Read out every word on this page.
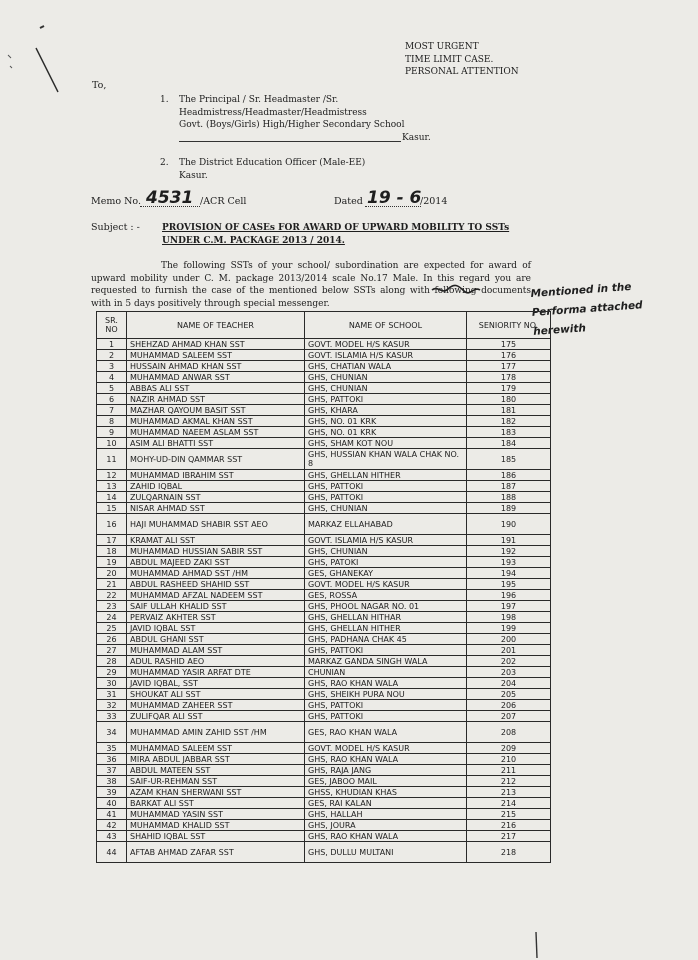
MOST URGENT
TIME LIMIT CASE.
PERSONAL ATTENTION
To,
1. The Principal / Sr. Headmaster /Sr.
Headmistress/Headmaster/Headmistress
Govt. (Boys/Girls) High/Higher Secondary School
Kasur.
2. The District Education Officer (Male-EE)
Kasur.
Memo No. 4531 /ACR Cell	Dated 19 - 6
/2014
Subject : - PROVISION OF CASEs FOR AWARD OF UPWARD MOBILITY TO SSTs
UNDER C.M. PACKAGE 2013 / 2014.

The following SSTs of your school/ subordination are expected for award of upward mobility under C. M. package 2013/2014 scale No.17 Male. In this regard you are requested to furnish the case of the mentioned below SSTs along with following documents with in 5 days positively through special messenger.

Mentioned in the
Performa attached
herewith
SR. NO	NAME OF TEACHER	NAME OF SCHOOL	SENIORITY NO.
1	SHEHZAD AHMAD KHAN SST	GOVT. MODEL H/S KASUR	175
2	MUHAMMAD SALEEM SST	GOVT. ISLAMIA H/S KASUR	176
3	HUSSAIN AHMAD KHAN SST	GHS, CHATIAN WALA	177
4	MUHAMMAD ANWAR SST	GHS, CHUNIAN	178
5	ABBAS ALI SST	GHS, CHUNIAN	179
6	NAZIR AHMAD SST	GHS, PATTOKI	180
7	MAZHAR QAYOUM BASIT SST	GHS, KHARA	181
8	MUHAMMAD AKMAL KHAN SST	GHS, NO. 01 KRK	182
9	MUHAMMAD NAEEM ASLAM SST	GHS, NO. 01 KRK	183
10	ASIM ALI BHATTI SST	GHS, SHAM KOT NOU	184
11	MOHY-UD-DIN QAMMAR SST	GHS, HUSSIAN KHAN WALA CHAK NO. 8	185
12	MUHAMMAD IBRAHIM SST	GHS, GHELLAN HITHER	186
13	ZAHID IQBAL	GHS, PATTOKI	187
14	ZULQARNAIN SST	GHS, PATTOKI	188
15	NISAR AHMAD SST	GHS, CHUNIAN	189
16	HAJI MUHAMMAD SHABIR SST AEO	MARKAZ ELLAHABAD	190
17	KRAMAT ALI SST	GOVT. ISLAMIA H/S KASUR	191
18	MUHAMMAD HUSSIAN SABIR SST	GHS, CHUNIAN	192
19	ABDUL MAJEED ZAKI SST	GHS, PATOKI	193
20	MUHAMMAD AHMAD SST /HM	GES, GHANEKAY	194
21	ABDUL RASHEED SHAHID SST	GOVT. MODEL H/S KASUR	195
22	MUHAMMAD AFZAL NADEEM SST	GES, ROSSA	196
23	SAIF ULLAH KHALID SST	GHS, PHOOL NAGAR NO. 01	197
24	PERVAIZ AKHTER SST	GHS, GHELLAN HITHAR	198
25	JAVID IQBAL SST	GHS, GHELLAN HITHER	199
26	ABDUL GHANI SST	GHS, PADHANA CHAK 45	200
27	MUHAMMAD ALAM SST	GHS, PATTOKI	201
28	ADUL RASHID AEO	MARKAZ GANDA SINGH WALA	202
29	MUHAMMAD YASIR ARFAT DTE	CHUNIAN	203
30	JAVID IQBAL, SST	GHS, RAO KHAN WALA	204
31	SHOUKAT ALI SST	GHS, SHEIKH PURA NOU	205
32	MUHAMMAD ZAHEER SST	GHS, PATTOKI	206
33	ZULIFQAR ALI SST	GHS, PATTOKI	207
34	MUHAMMAD AMIN ZAHID SST /HM	GES, RAO KHAN WALA	208
35	MUHAMMAD SALEEM SST	GOVT. MODEL H/S KASUR	209
36	MIRA ABDUL JABBAR SST	GHS, RAO KHAN WALA	210
37	ABDUL MATEEN SST	GHS, RAJA JANG	211
38	SAIF-UR-REHMAN SST	GES, JABOO MAIL	212
39	AZAM KHAN SHERWANI SST	GHSS, KHUDIAN KHAS	213
40	BARKAT ALI SST	GES, RAI KALAN	214
41	MUHAMMAD YASIN SST	GHS, HALLAH	215
42	MUHAMMAD KHALID SST	GHS, JOURA	216
43	SHAHID IQBAL SST	GHS, RAO KHAN WALA	217
44	AFTAB AHMAD ZAFAR SST	GHS, DULLU MULTANI	218
